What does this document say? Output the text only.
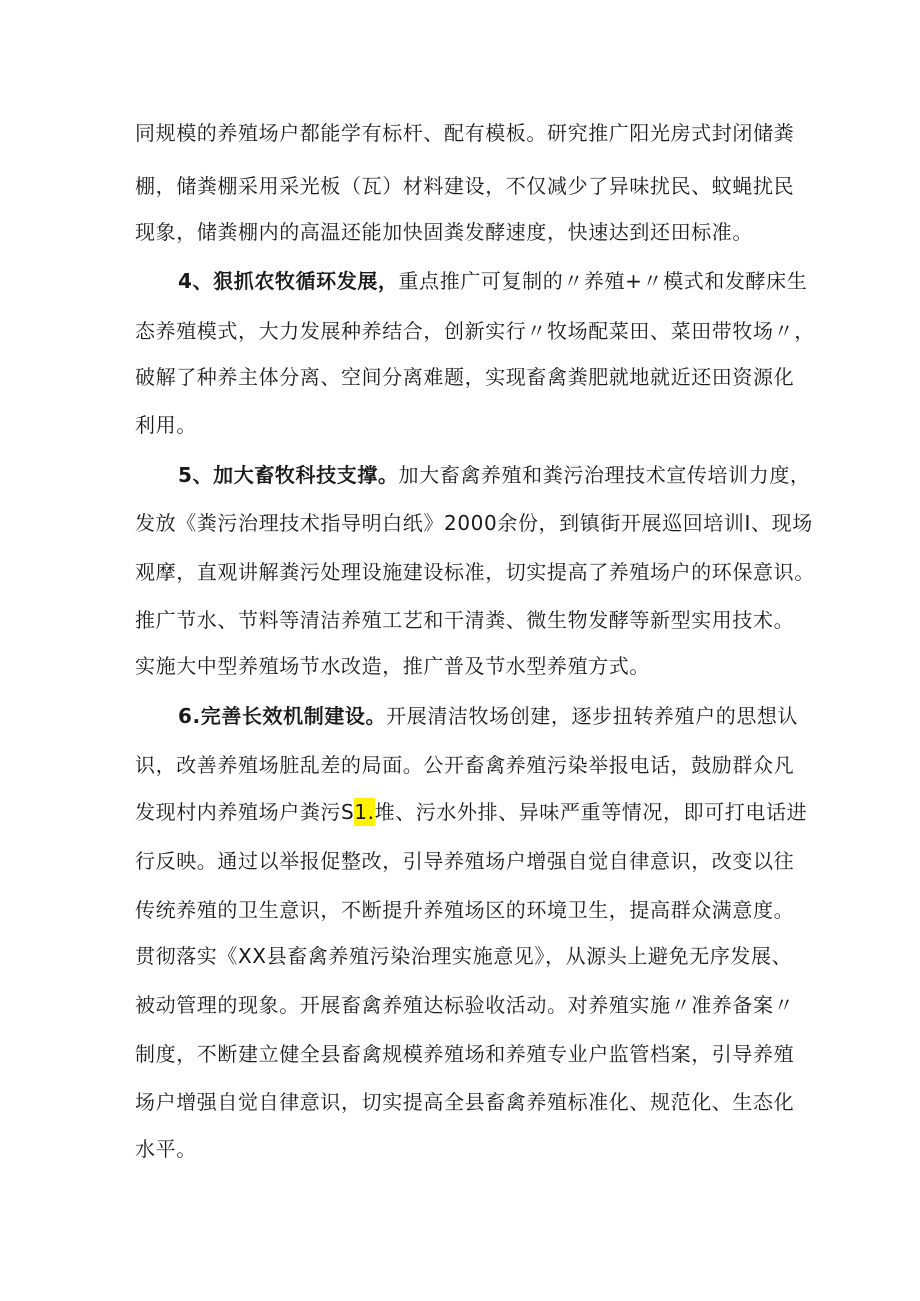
同规模的养殖场户都能学有标杆、配有模板。研究推广阳光房式封闭储粪
棚，储粪棚采用采光板（瓦）材料建设，不仅减少了异味扰民、蚊蝇扰民
现象，储粪棚内的高温还能加快固粪发酵速度，快速达到还田标准。
4、狠抓农牧循环发展，重点推广可复制的〃养殖+〃模式和发酵床生
态养殖模式，大力发展种养结合，创新实行〃牧场配菜田、菜田带牧场〃，
破解了种养主体分离、空间分离难题，实现畜禽粪肥就地就近还田资源化
利用。
5、加大畜牧科技支撑。加大畜禽养殖和粪污治理技术宣传培训力度，
发放《粪污治理技术指导明白纸》2000余份，到镇街开展巡回培训I、现场
观摩，直观讲解粪污处理设施建设标准，切实提高了养殖场户的环保意识。
推广节水、节料等清洁养殖工艺和干清粪、微生物发酵等新型实用技术。
实施大中型养殖场节水改造，推广普及节水型养殖方式。
6.完善长效机制建设。开展清洁牧场创建，逐步扭转养殖户的思想认
识，改善养殖场脏乱差的局面。公开畜禽养殖污染举报电话，鼓励群众凡
发现村内养殖场户粪污S1.堆、污水外排、异味严重等情况，即可打电话进
行反映。通过以举报促整改，引导养殖场户增强自觉自律意识，改变以往
传统养殖的卫生意识，不断提升养殖场区的环境卫生，提高群众满意度。
贯彻落实《XX县畜禽养殖污染治理实施意见》，从源头上避免无序发展、
被动管理的现象。开展畜禽养殖达标验收活动。对养殖实施〃准养备案〃
制度，不断建立健全县畜禽规模养殖场和养殖专业户监管档案，引导养殖
场户增强自觉自律意识，切实提高全县畜禽养殖标准化、规范化、生态化
水平。
